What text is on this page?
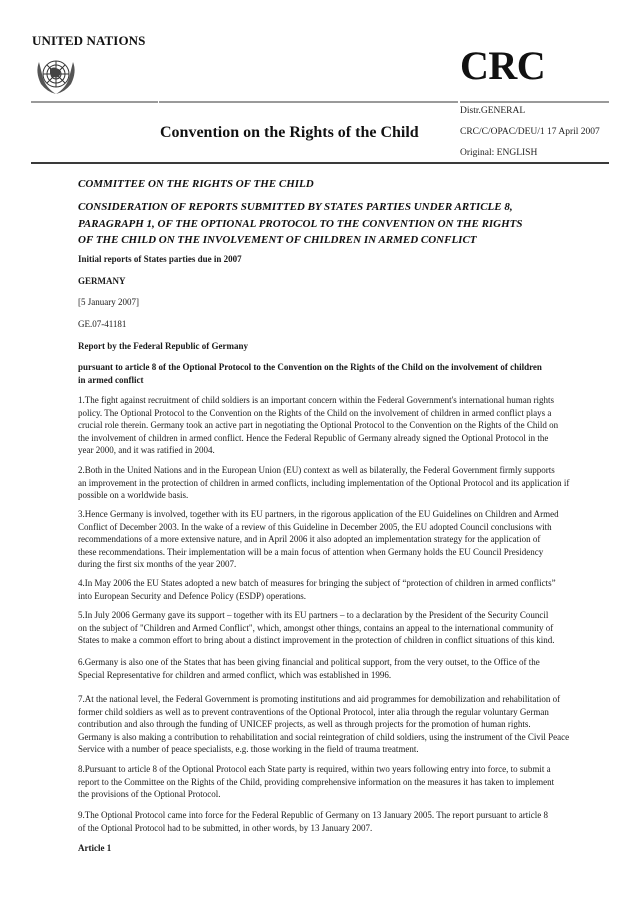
UNITED NATIONS
CRC
Convention on the Rights of the Child
Distr.GENERAL
CRC/C/OPAC/DEU/1 17 April 2007
Original: ENGLISH
COMMITTEE ON THE RIGHTS OF THE CHILD
CONSIDERATION OF REPORTS SUBMITTED BY STATES PARTIES UNDER ARTICLE 8,
PARAGRAPH 1, OF THE OPTIONAL PROTOCOL TO THE CONVENTION ON THE RIGHTS
OF THE CHILD ON THE INVOLVEMENT OF CHILDREN IN ARMED CONFLICT
Initial reports of States parties due in 2007
GERMANY
[5 January 2007]
GE.07-41181
Report by the Federal Republic of Germany
pursuant to article 8 of the Optional Protocol to the Convention on the Rights of the Child on the involvement of children
in armed conflict
1.The fight against recruitment of child soldiers is an important concern within the Federal Government's international human rights
policy. The Optional Protocol to the Convention on the Rights of the Child on the involvement of children in armed conflict plays a
crucial role therein. Germany took an active part in negotiating the Optional Protocol to the Convention on the Rights of the Child on
the involvement of children in armed conflict. Hence the Federal Republic of Germany already signed the Optional Protocol in the
year 2000, and it was ratified in 2004.
2.Both in the United Nations and in the European Union (EU) context as well as bilaterally, the Federal Government firmly supports
an improvement in the protection of children in armed conflicts, including implementation of the Optional Protocol and its application if
possible on a worldwide basis.
3.Hence Germany is involved, together with its EU partners, in the rigorous application of the EU Guidelines on Children and Armed
Conflict of December 2003. In the wake of a review of this Guideline in December 2005, the EU adopted Council conclusions with
recommendations of a more extensive nature, and in April 2006 it also adopted an implementation strategy for the application of
these recommendations. Their implementation will be a main focus of attention when Germany holds the EU Council Presidency
during the first six months of the year 2007.
4.In May 2006 the EU States adopted a new batch of measures for bringing the subject of “protection of children in armed conflicts”
into European Security and Defence Policy (ESDP) operations.
5.In July 2006 Germany gave its support – together with its EU partners – to a declaration by the President of the Security Council
on the subject of "Children and Armed Conflict", which, amongst other things, contains an appeal to the international community of
States to make a common effort to bring about a distinct improvement in the protection of children in conflict situations of this kind.
6.Germany is also one of the States that has been giving financial and political support, from the very outset, to the Office of the
Special Representative for children and armed conflict, which was established in 1996.
7.At the national level, the Federal Government is promoting institutions and aid programmes for demobilization and rehabilitation of
former child soldiers as well as to prevent contraventions of the Optional Protocol, inter alia through the regular voluntary German
contribution and also through the funding of UNICEF projects, as well as through projects for the promotion of human rights.
Germany is also making a contribution to rehabilitation and social reintegration of child soldiers, using the instrument of the Civil Peace
Service with a number of peace specialists, e.g. those working in the field of trauma treatment.
8.Pursuant to article 8 of the Optional Protocol each State party is required, within two years following entry into force, to submit a
report to the Committee on the Rights of the Child, providing comprehensive information on the measures it has taken to implement
the provisions of the Optional Protocol.
9.The Optional Protocol came into force for the Federal Republic of Germany on 13 January 2005. The report pursuant to article 8
of the Optional Protocol had to be submitted, in other words, by 13 January 2007.
Article 1
